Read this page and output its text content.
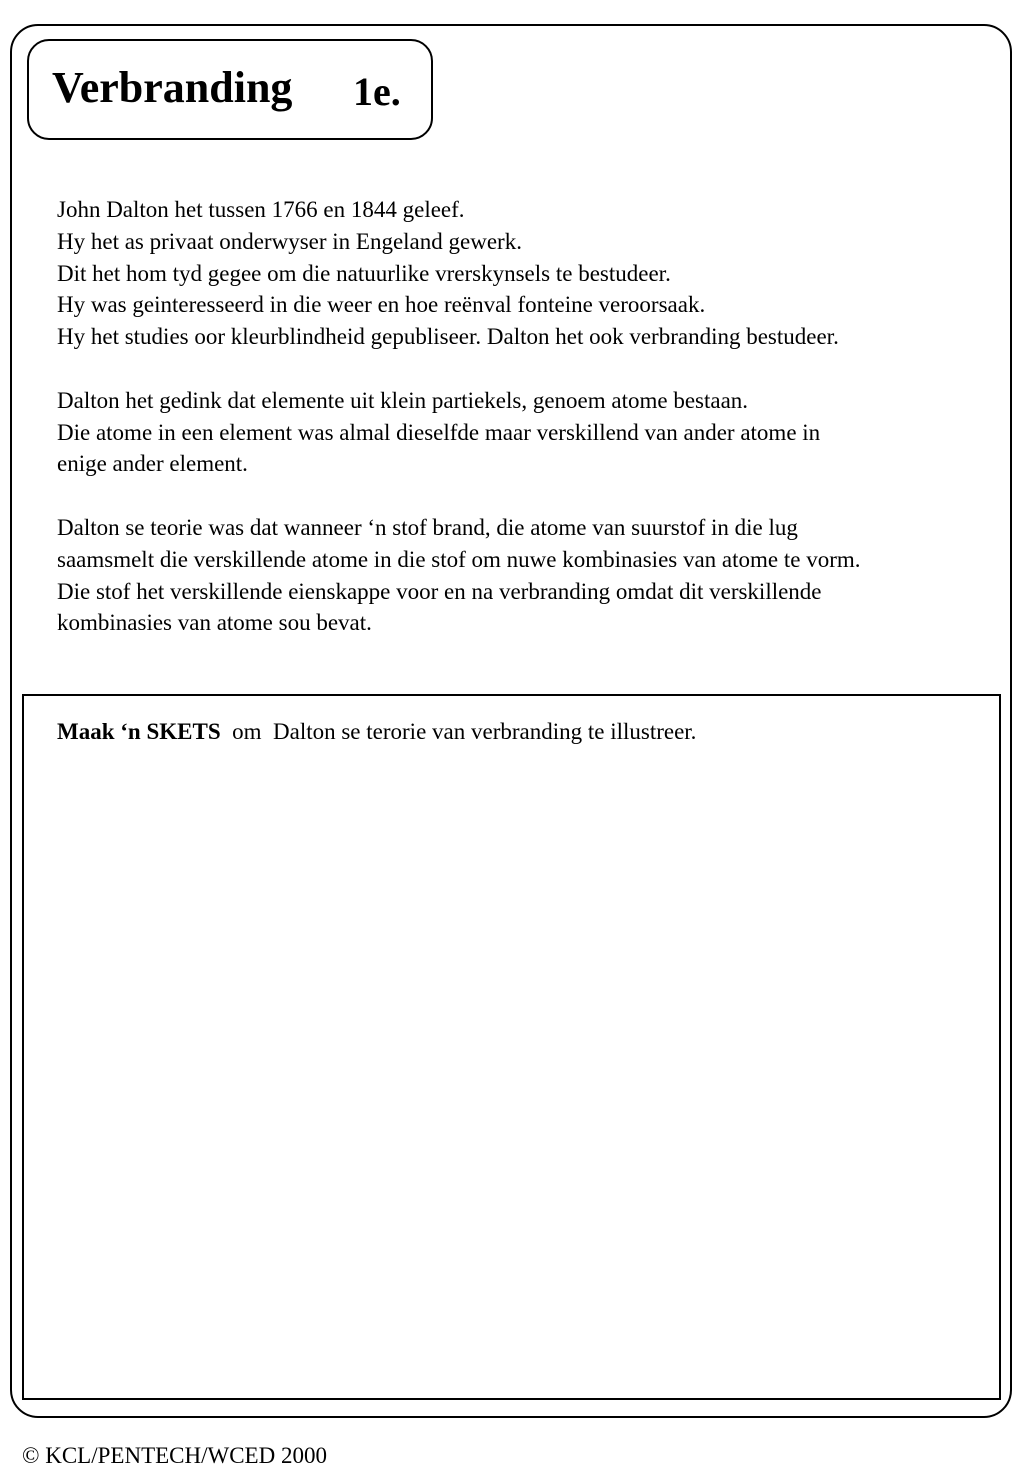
Verbranding 1e.

John Dalton het tussen 1766 en 1844 geleef.
Hy het as privaat onderwyser in Engeland gewerk.
Dit het hom tyd gegee om die natuurlike vrerskynsels te bestudeer.
Hy was geinteresseerd in die weer en hoe reënval fonteine veroorsaak.
Hy het studies oor kleurblindheid gepubliseer. Dalton het ook verbranding bestudeer.

Dalton het gedink dat elemente uit klein partiekels, genoem atome bestaan.
Die atome in een element was almal dieselfde maar verskillend van ander atome in
enige ander element.

Dalton se teorie was dat wanneer ‘n stof brand, die atome van suurstof in die lug
saamsmelt die verskillende atome in die stof om nuwe kombinasies van atome te vorm.
Die stof het verskillende eienskappe voor en na verbranding omdat dit verskillende
kombinasies van atome sou bevat.

Maak ‘n SKETS  om  Dalton se terorie van verbranding te illustreer.
© KCL/PENTECH/WCED 2000
